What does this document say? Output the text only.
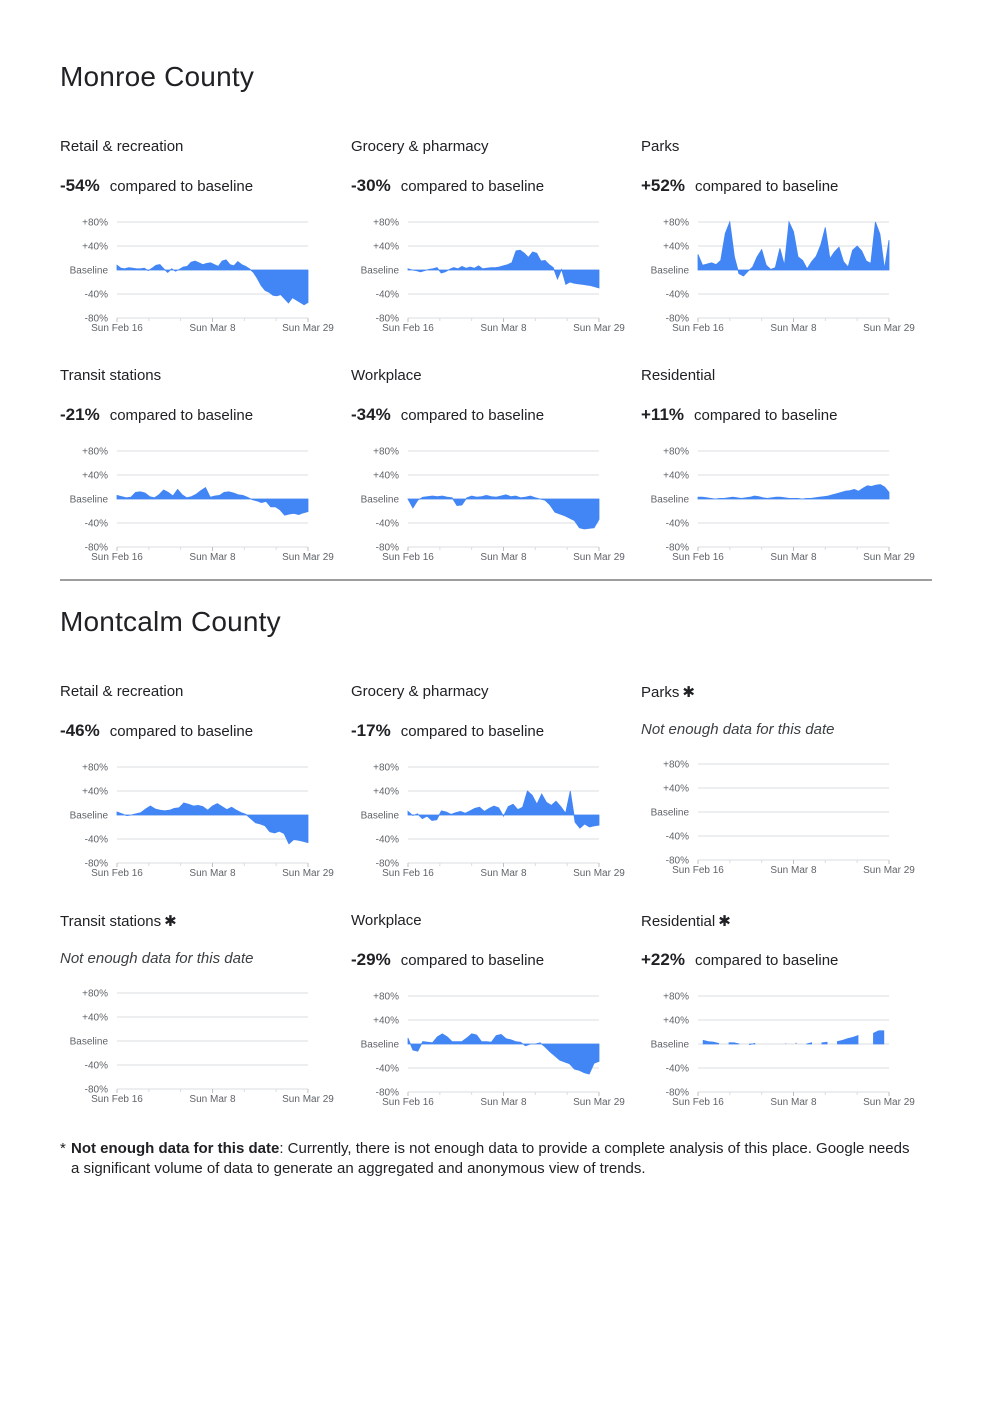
Monroe County
Retail & recreation
-54% compared to baseline
+80%
+40%
Baseline
-40%
-80%
Sun Feb 16	Sun Mar 8	Sun Mar 29
Grocery & pharmacy
-30% compared to baseline
+80%
+40%
Baseline
-40%
-80%
Sun Feb 16	Sun Mar 8	Sun Mar 29
Parks
+52% compared to baseline
+80%
+40%
Baseline
-40%
-80%
Sun Feb 16	Sun Mar 8	Sun Mar 29
Transit stations
-21% compared to baseline
+80%
+40%
Baseline
-40%
-80%
Sun Feb 16	Sun Mar 8	Sun Mar 29
Workplace
-34% compared to baseline
+80%
+40%
Baseline
-40%
-80%
Sun Feb 16	Sun Mar 8	Sun Mar 29
Residential
+11% compared to baseline
+80%
+40%
Baseline
-40%
-80%
Sun Feb 16	Sun Mar 8	Sun Mar 29
Montcalm County
Retail & recreation
-46% compared to baseline
+80%
+40%
Baseline
-40%
-80%
Sun Feb 16	Sun Mar 8	Sun Mar 29
Grocery & pharmacy
-17% compared to baseline
+80%
+40%
Baseline
-40%
-80%
Sun Feb 16	Sun Mar 8	Sun Mar 29
Parks ✱
Not enough data for this date
+80%
+40%
Baseline
-40%
-80%
Sun Feb 16	Sun Mar 8	Sun Mar 29
Transit stations ✱
Not enough data for this date
+80%
+40%
Baseline
-40%
-80%
Sun Feb 16	Sun Mar 8	Sun Mar 29
Workplace
-29% compared to baseline
+80%
+40%
Baseline
-40%
-80%
Sun Feb 16	Sun Mar 8	Sun Mar 29
Residential ✱
+22% compared to baseline
+80%
+40%
Baseline
-40%
-80%
Sun Feb 16	Sun Mar 8	Sun Mar 29
* Not enough data for this date: Currently, there is not enough data to provide a complete analysis of this place. Google needs a significant volume of data to generate an aggregated and anonymous view of trends.
